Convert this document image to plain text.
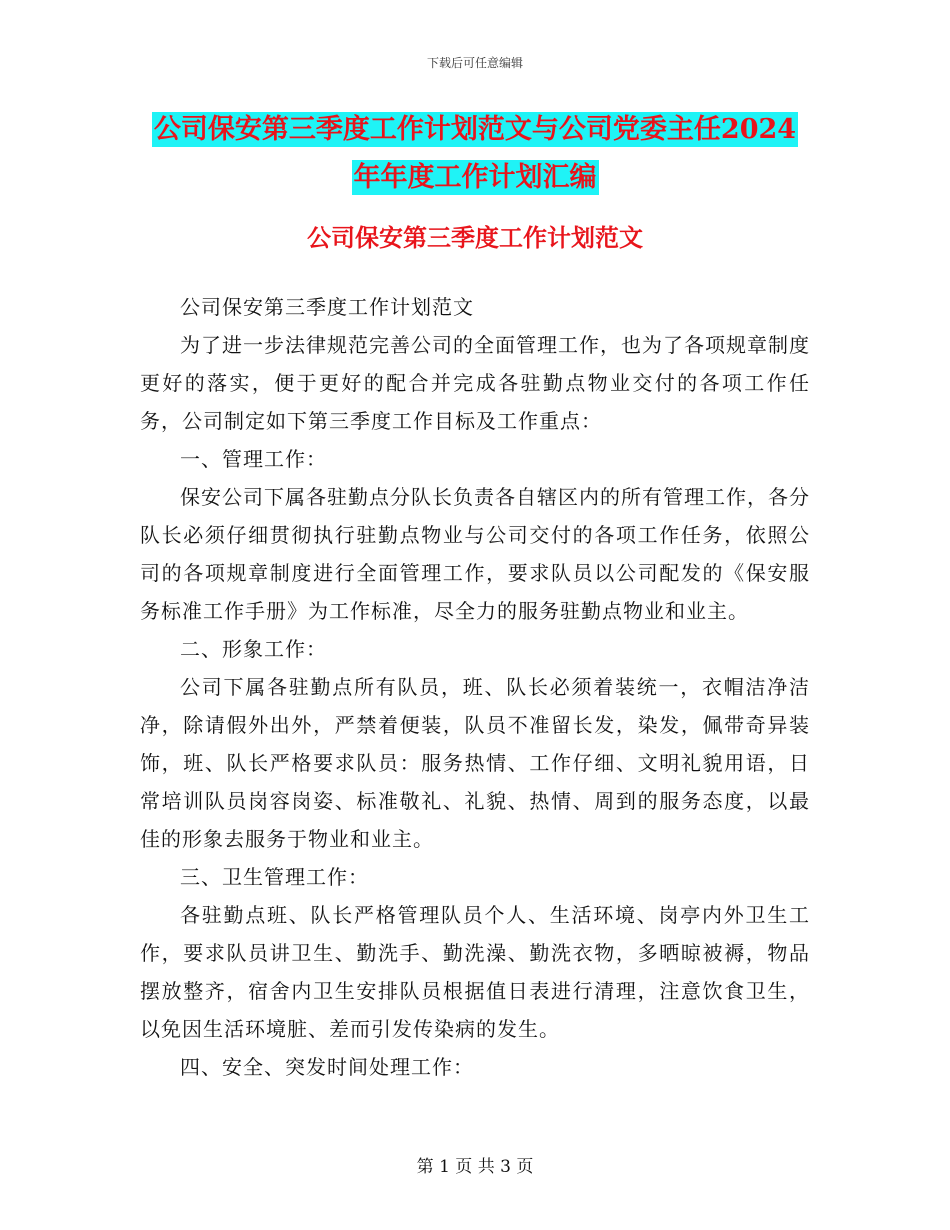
下载后可任意编辑
公司保安第三季度工作计划范文与公司党委主任2024
年年度工作计划汇编
公司保安第三季度工作计划范文

公司保安第三季度工作计划范文

为了进一步法律规范完善公司的全面管理工作，也为了各项规章制度更好的落实，便于更好的配合并完成各驻勤点物业交付的各项工作任务，公司制定如下第三季度工作目标及工作重点：

一、管理工作：

保安公司下属各驻勤点分队长负责各自辖区内的所有管理工作，各分队长必须仔细贯彻执行驻勤点物业与公司交付的各项工作任务，依照公司的各项规章制度进行全面管理工作，要求队员以公司配发的《保安服务标准工作手册》为工作标准，尽全力的服务驻勤点物业和业主。

二、形象工作：

公司下属各驻勤点所有队员，班、队长必须着装统一，衣帽洁净洁净，除请假外出外，严禁着便装，队员不准留长发，染发，佩带奇异装饰，班、队长严格要求队员：服务热情、工作仔细、文明礼貌用语，日常培训队员岗容岗姿、标准敬礼、礼貌、热情、周到的服务态度，以最佳的形象去服务于物业和业主。

三、卫生管理工作：

各驻勤点班、队长严格管理队员个人、生活环境、岗亭内外卫生工作，要求队员讲卫生、勤洗手、勤洗澡、勤洗衣物，多晒晾被褥，物品摆放整齐，宿舍内卫生安排队员根据值日表进行清理，注意饮食卫生，以免因生活环境脏、差而引发传染病的发生。

四、安全、突发时间处理工作：

第 1 页 共 3 页
